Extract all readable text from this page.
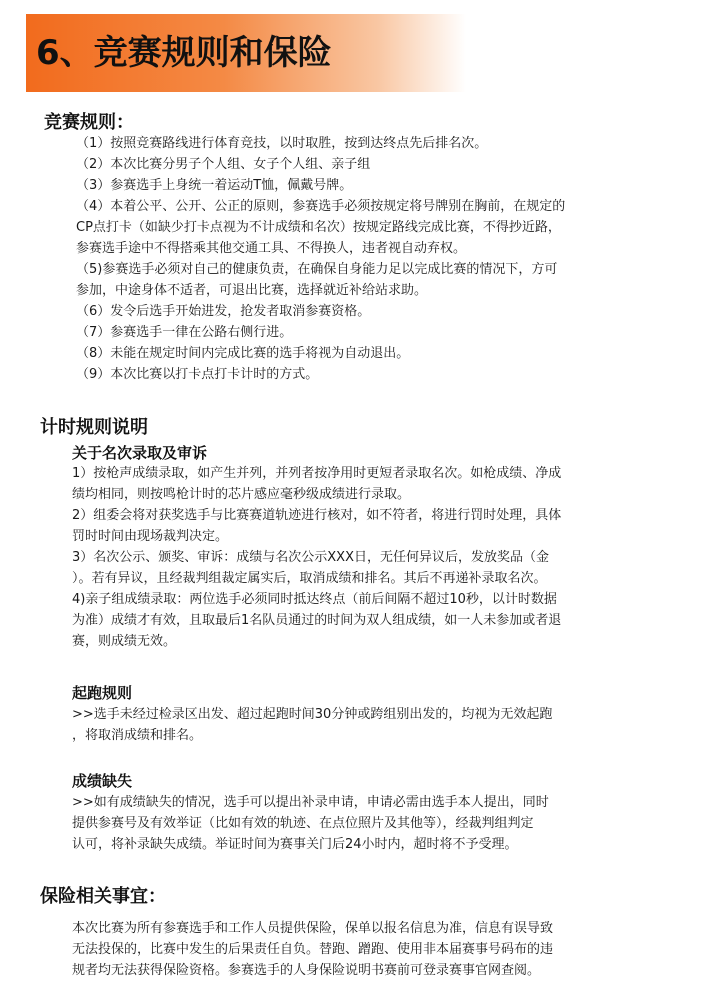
6、竞赛规则和保险
竞赛规则：

（1）按照竞赛路线进行体育竞技，以时取胜，按到达终点先后排名次。

（2）本次比赛分男子个人组、女子个人组、亲子组

（3）参赛选手上身统一着运动T恤，佩戴号牌。

（4）本着公平、公开、公正的原则，参赛选手必须按规定将号牌别在胸前，在规定的

CP点打卡（如缺少打卡点视为不计成绩和名次）按规定路线完成比赛，不得抄近路，

参赛选手途中不得搭乘其他交通工具、不得换人，违者视自动弃权。

（5)参赛选手必须对自己的健康负责，在确保自身能力足以完成比赛的情况下，方可

参加，中途身体不适者，可退出比赛，选择就近补给站求助。

（6）发令后选手开始进发，抢发者取消参赛资格。

（7）参赛选手一律在公路右侧行进。

（8）未能在规定时间内完成比赛的选手将视为自动退出。

（9）本次比赛以打卡点打卡计时的方式。

计时规则说明
关于名次录取及审诉

1）按枪声成绩录取，如产生并列，并列者按净用时更短者录取名次。如枪成绩、净成

绩均相同，则按鸣枪计时的芯片感应毫秒级成绩进行录取。

2）组委会将对获奖选手与比赛赛道轨迹进行核对，如不符者，将进行罚时处理，具体

罚时时间由现场裁判决定。

3）名次公示、颁奖、审诉：成绩与名次公示XXX日，无任何异议后，发放奖品（金

）。若有异议，且经裁判组裁定属实后，取消成绩和排名。其后不再递补录取名次。

4)亲子组成绩录取：两位选手必须同时抵达终点（前后间隔不超过10秒，以计时数据

为准）成绩才有效，且取最后1名队员通过的时间为双人组成绩，如一人未参加或者退

赛，则成绩无效。

起跑规则

>>选手未经过检录区出发、超过起跑时间30分钟或跨组别出发的，均视为无效起跑

，将取消成绩和排名。

成绩缺失

>>如有成绩缺失的情况，选手可以提出补录申请，申请必需由选手本人提出，同时

提供参赛号及有效举证（比如有效的轨迹、在点位照片及其他等），经裁判组判定

认可，将补录缺失成绩。举证时间为赛事关门后24小时内，超时将不予受理。

保险相关事宜：

本次比赛为所有参赛选手和工作人员提供保险，保单以报名信息为准，信息有误导致

无法投保的，比赛中发生的后果责任自负。替跑、蹭跑、使用非本届赛事号码布的违

规者均无法获得保险资格。参赛选手的人身保险说明书赛前可登录赛事官网查阅。
